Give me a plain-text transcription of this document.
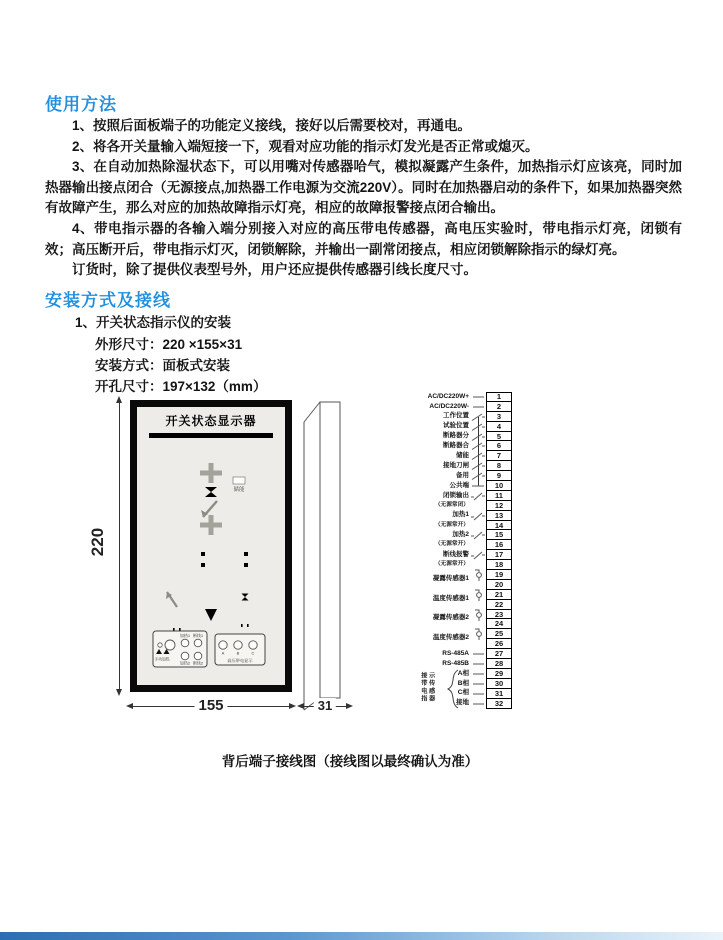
使用方法

1、按照后面板端子的功能定义接线，接好以后需要校对，再通电。

2、将各开关量输入端短接一下，观看对应功能的指示灯发光是否正常或熄灭。

3、在自动加热除湿状态下，可以用嘴对传感器哈气，模拟凝露产生条件，加热指示灯应该亮，同时加热器输出接点闭合（无源接点,加热器工作电源为交流220V）。同时在加热器启动的条件下，如果加热器突然有故障产生，那么对应的加热故障指示灯亮，相应的故障报警接点闭合输出。

4、带电指示器的各输入端分别接入对应的高压带电传感器，高电压实验时，带电指示灯亮，闭锁有效；高压断开后，带电指示灯灭，闭锁解除，并输出一副常闭接点，相应闭锁解除指示的绿灯亮。

订货时，除了提供仪表型号外，用户还应提供传感器引线长度尺寸。

安装方式及接线

1、开关状态指示仪的安装

外形尺寸：220 ×155×31
安装方式：面板式安装
开孔尺寸：197×132（mm）
220
开关状态显示器
储能
手动加热
加热1 断线1
加热2 断线2
A	B	C
高压带电显示
155	31
AC/DC220W+	1
AC/DC220W-	2
工作位置	3
试验位置	4
断路器分	5
断路器合	6
储能	7
接地刀闸	8
备用	9
公共端	10
闭锁输出	11
（无源常闭）	12
加热1	13
（无源常开）	14
加热2	15
（无源常开）	16
断线报警	17
（无源常开）	18
凝露传感器1	19
20
温度传感器1	21
22
凝露传感器2	23
24
温度传感器2	25
26
RS-485A	27
RS-485B	28
A相	29
B相	30
C相	31
接地	32
接带电指 示传感器
背后端子接线图（接线图以最终确认为准）
